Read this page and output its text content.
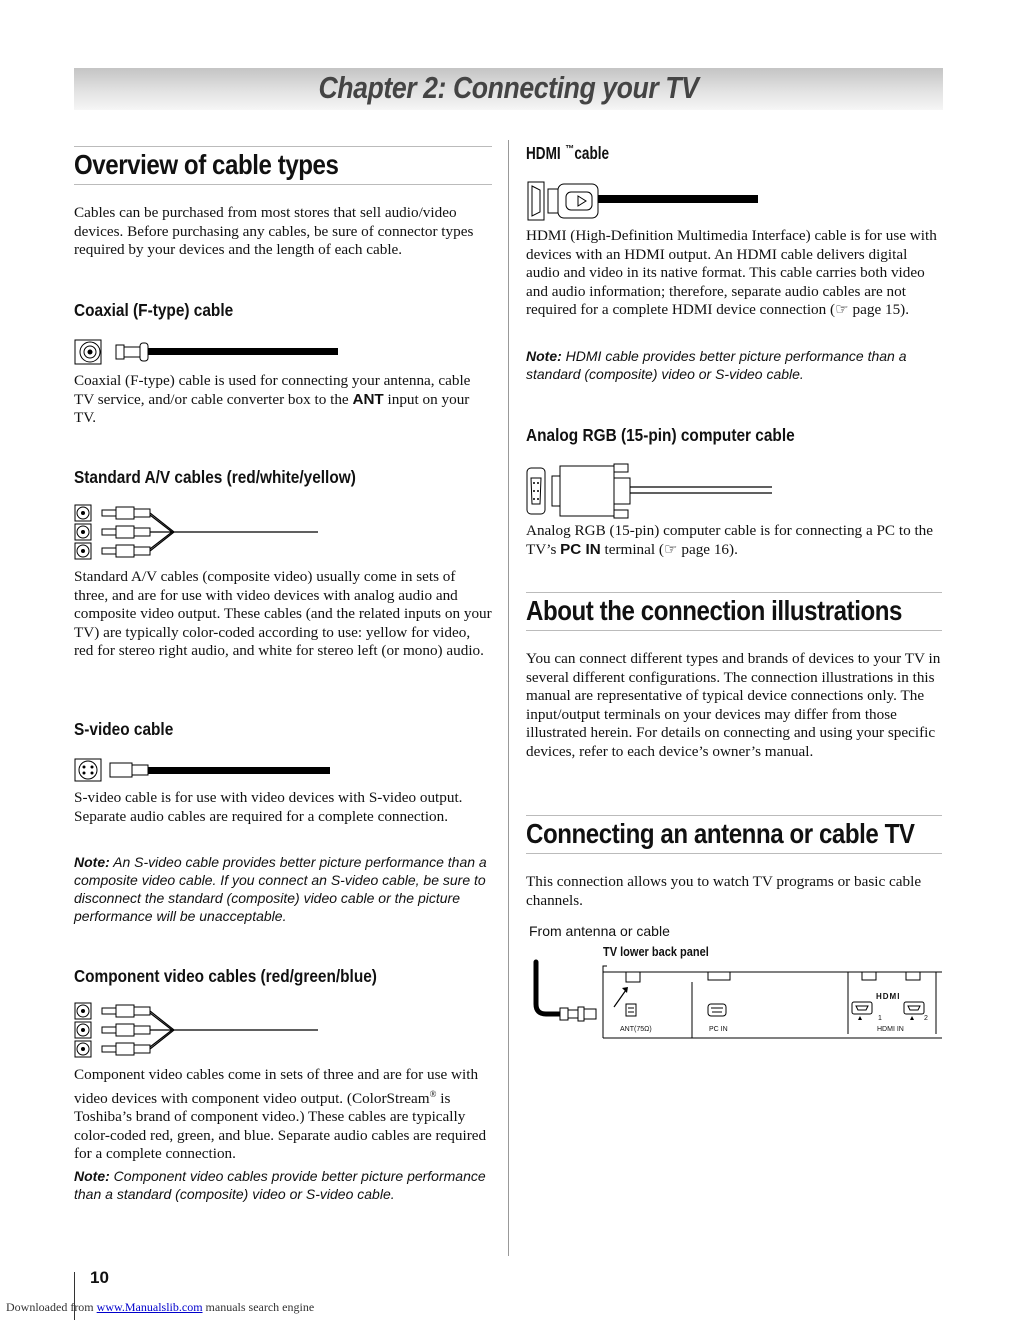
Chapter 2: Connecting your TV
Overview of cable types

Cables can be purchased from most stores that sell audio/video devices. Before purchasing any cables, be sure of connector types required by your devices and the length of each cable.

Coaxial (F-type) cable

Coaxial (F-type) cable is used for connecting your antenna, cable TV service, and/or cable converter box to the ANT input on your TV.

Standard A/V cables (red/white/yellow)

Standard A/V cables (composite video) usually come in sets of three, and are for use with video devices with analog audio and composite video output. These cables (and the related inputs on your TV) are typically color-coded according to use: yellow for video, red for stereo right audio, and white for stereo left (or mono) audio.

S-video cable

S-video cable is for use with video devices with S-video output. Separate audio cables are required for a complete connection.

Note: An S-video cable provides better picture performance than a composite video cable. If you connect an S-video cable, be sure to disconnect the standard (composite) video cable or the picture performance will be unacceptable.

Component video cables (red/green/blue)

Component video cables come in sets of three and are for use with video devices with component video output. (ColorStream® is Toshiba’s brand of component video.) These cables are typically color-coded red, green, and blue. Separate audio cables are required for a complete connection.

Note: Component video cables provide better picture performance than a standard (composite) video or S-video cable.

HDMI ™cable

HDMI (High-Definition Multimedia Interface) cable is for use with devices with an HDMI output. An HDMI cable delivers digital audio and video in its native format. This cable carries both video and audio information; therefore, separate audio cables are not required for a complete HDMI device connection (☞ page 15).

Note: HDMI cable provides better picture performance than a standard (composite) video or S-video cable.

Analog RGB (15-pin) computer cable

Analog RGB (15-pin) computer cable is for connecting a PC to the TV’s PC IN terminal (☞ page 16).

About the connection illustrations

You can connect different types and brands of devices to your TV in several different configurations. The connection illustrations in this manual are representative of typical device connections only. The input/output terminals on your devices may differ from those illustrated herein. For details on connecting and using your specific devices, refer to each device’s owner’s manual.

Connecting an antenna or cable TV

This connection allows you to watch TV programs or basic cable channels.

From antenna or cable
TV lower back panel
HDMI
1	2
ANT(75Ω)	PC IN	HDMI IN
10
Downloaded from www.Manualslib.com manuals search engine
